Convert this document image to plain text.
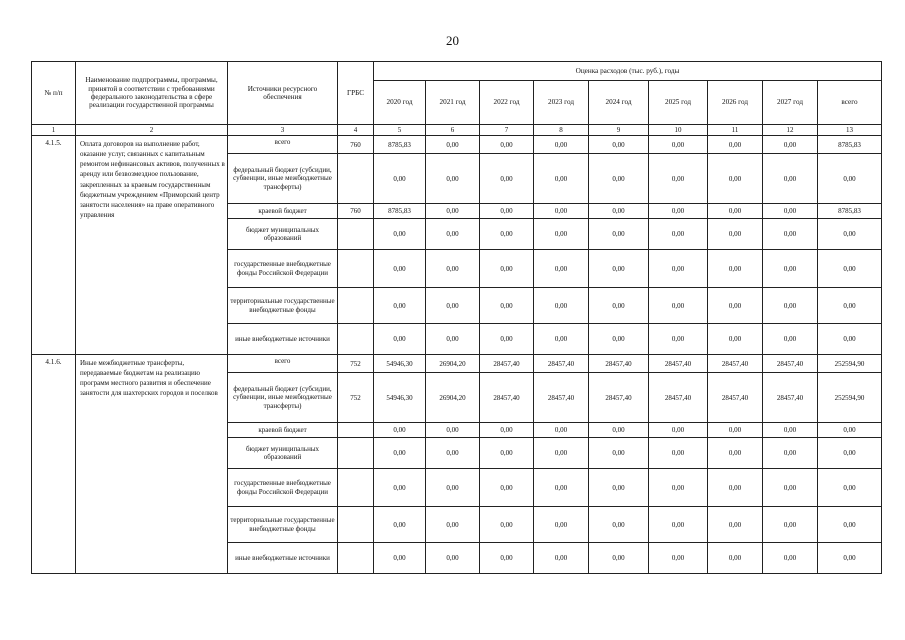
20
№ п/п	Наименование подпрограммы, программы, принятой в соответствии с требованиями федерального законодательства в сфере реализации государственной программы	Источники ресурсного обеспечения	ГРБС	Оценка расходов (тыс. руб.), годы								
				2020 год	2021 год	2022 год	2023 год	2024 год	2025 год	2026 год	2027 год	всего
1	2	3	4	5	6	7	8	9	10	11	12	13
4.1.5.	Оплата договоров на выполнение работ, оказание услуг, связанных с капитальным ремонтом нефинансовых активов, полученных в аренду или безвозмездное пользование, закрепленных за краевым государственным бюджетным учреждением «Приморский центр занятости населения» на праве оперативного управления	всего	760	8785,83	0,00	0,00	0,00	0,00	0,00	0,00	0,00	8785,83
		федеральный бюджет (субсидии, субвенции, иные межбюджетные трансферты)		0,00	0,00	0,00	0,00	0,00	0,00	0,00	0,00	0,00
		краевой бюджет	760	8785,83	0,00	0,00	0,00	0,00	0,00	0,00	0,00	8785,83
		бюджет муниципальных образований		0,00	0,00	0,00	0,00	0,00	0,00	0,00	0,00	0,00
		государственные внебюджетные фонды Российской Федерации		0,00	0,00	0,00	0,00	0,00	0,00	0,00	0,00	0,00
		территориальные государственные внебюджетные фонды		0,00	0,00	0,00	0,00	0,00	0,00	0,00	0,00	0,00
		иные внебюджетные источники		0,00	0,00	0,00	0,00	0,00	0,00	0,00	0,00	0,00
4.1.6.	Иные межбюджетные трансферты, передаваемые бюджетам на реализацию программ местного развития и обеспечение занятости для шахтерских городов и поселков	всего	752	54946,30	26904,20	28457,40	28457,40	28457,40	28457,40	28457,40	28457,40	252594,90
		федеральный бюджет (субсидии, субвенции, иные межбюджетные трансферты)	752	54946,30	26904,20	28457,40	28457,40	28457,40	28457,40	28457,40	28457,40	252594,90
		краевой бюджет		0,00	0,00	0,00	0,00	0,00	0,00	0,00	0,00	0,00
		бюджет муниципальных образований		0,00	0,00	0,00	0,00	0,00	0,00	0,00	0,00	0,00
		государственные внебюджетные фонды Российской Федерации		0,00	0,00	0,00	0,00	0,00	0,00	0,00	0,00	0,00
		территориальные государственные внебюджетные фонды		0,00	0,00	0,00	0,00	0,00	0,00	0,00	0,00	0,00
		иные внебюджетные источники		0,00	0,00	0,00	0,00	0,00	0,00	0,00	0,00	0,00
